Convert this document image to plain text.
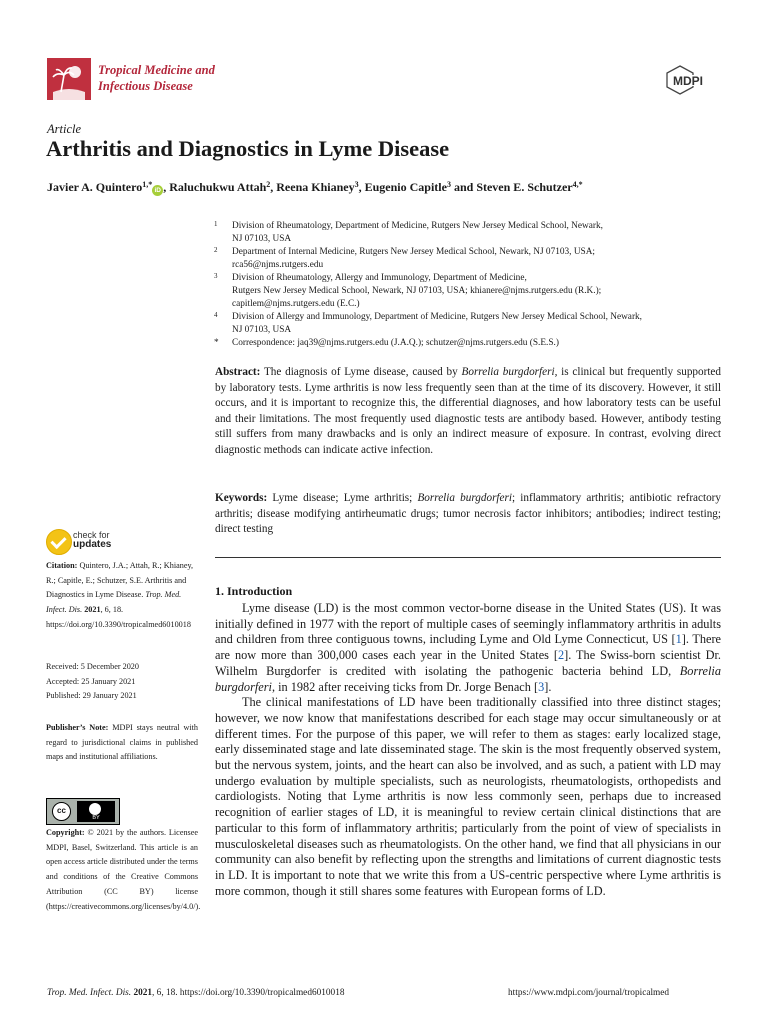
Tropical Medicine and
Infectious Disease	MDPI
Article
Arthritis and Diagnostics in Lyme Disease
Javier A. Quintero$^{1,*}$iD , Raluchukwu Attah$^2$, Reena Khianey$^3$, Eugenio Capitle$^3$ and Steven E. Schutzer$^{4,*}$
1 Division of Rheumatology, Department of Medicine, Rutgers New Jersey Medical School, Newark,
NJ 07103, USA
2 Department of Internal Medicine, Rutgers New Jersey Medical School, Newark, NJ 07103, USA;
rca56@njms.rutgers.edu
3 Division of Rheumatology, Allergy and Immunology, Department of Medicine,
Rutgers New Jersey Medical School, Newark, NJ 07103, USA; khianere@njms.rutgers.edu (R.K.);
capitlem@njms.rutgers.edu (E.C.)
4 Division of Allergy and Immunology, Department of Medicine, Rutgers New Jersey Medical School, Newark,
NJ 07103, USA
* Correspondence: jaq39@njms.rutgers.edu (J.A.Q.); schutzer@njms.rutgers.edu (S.E.S.)
Abstract: The diagnosis of Lyme disease, caused by Borrelia burgdorferi, is clinical but frequently supported by laboratory tests. Lyme arthritis is now less frequently seen than at the time of its discovery. However, it still occurs, and it is important to recognize this, the differential diagnoses, and how laboratory tests can be useful and their limitations. The most frequently used diagnostic tests are antibody based. However, antibody testing still suffers from many drawbacks and is only an indirect measure of exposure. In contrast, evolving direct diagnostic methods can indicate active infection.
Keywords: Lyme disease; Lyme arthritis; Borrelia burgdorferi; inflammatory arthritis; antibiotic refractory arthritis; disease modifying antirheumatic drugs; tumor necrosis factor inhibitors; antibodies; indirect testing; direct testing
check for
updates
Citation: Quintero, J.A.; Attah, R.; Khianey, R.; Capitle, E.; Schutzer, S.E. Arthritis and Diagnostics in Lyme Disease. Trop. Med. Infect. Dis. 2021, 6, 18. https://doi.org/10.3390/tropicalmed6010018
Received: 5 December 2020
Accepted: 25 January 2021
Published: 29 January 2021
Publisher’s Note: MDPI stays neutral with regard to jurisdictional claims in published maps and institutional affiliations.
cc
BY
Copyright: © 2021 by the authors. Licensee MDPI, Basel, Switzerland. This article is an open access article distributed under the terms and conditions of the Creative Commons Attribution (CC BY) license (https://creativecommons.org/licenses/by/4.0/).
1. Introduction

Lyme disease (LD) is the most common vector-borne disease in the United States (US). It was initially defined in 1977 with the report of multiple cases of seemingly inflammatory arthritis in adults and children from three contiguous towns, including Lyme and Old Lyme Connecticut, US [1]. There are now more than 300,000 cases each year in the United States [2]. The Swiss-born scientist Dr. Wilhelm Burgdorfer is credited with isolating the pathogenic bacteria behind LD, Borrelia burgdorferi, in 1982 after receiving ticks from Dr. Jorge Benach [3].

The clinical manifestations of LD have been traditionally classified into three distinct stages; however, we now know that manifestations described for each stage may occur simultaneously or at different times. For the purpose of this paper, we will refer to them as stages: early localized stage, early disseminated stage and late disseminated stage. The skin is the most frequently observed system, but the nervous system, joints, and the heart can also be involved, and as such, a patient with LD may undergo evaluation by multiple specialists, such as neurologists, rheumatologists, orthopedists and cardiologists. Noting that Lyme arthritis is now less commonly seen, perhaps due to increased recognition of earlier stages of LD, it is meaningful to review certain clinical distinctions that are particular to this form of inflammatory arthritis; particularly from the point of view of specialists in musculoskeletal diseases such as rheumatologists. On the other hand, we find that all physicians in our community can also benefit by reflecting upon the strengths and limitations of current diagnostic tests in LD. It is important to note that we write this from a US-centric perspective where Lyme arthritis is more common, though it still shares some features with European forms of LD.

Trop. Med. Infect. Dis. 2021, 6, 18. https://doi.org/10.3390/tropicalmed6010018	https://www.mdpi.com/journal/tropicalmed
